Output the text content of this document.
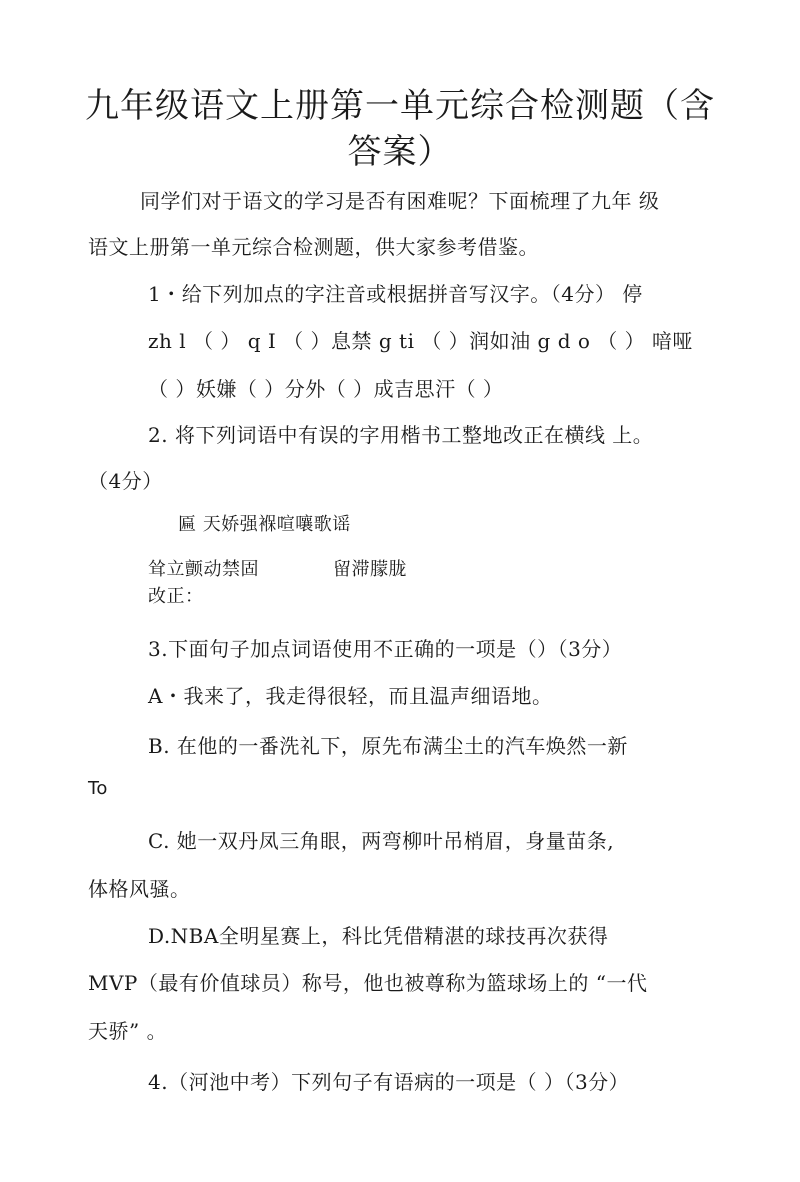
九年级语文上册第一单元综合检测题（含
答案）
同学们对于语文的学习是否有困难呢？下面梳理了九年 级
语文上册第一单元综合检测题，供大家参考借鉴。
1・给下列加点的字注音或根据拼音写汉字。（4分） 停
zh l （ ） q I （ ）息禁 g ti （ ）润如油 g d o （ ） 喑哑
（ ）妖嫌（ ）分外（ ）成吉思汗（ ）
2. 将下列词语中有误的字用楷书工整地改正在横线 上。
（4分）
匾 天娇强褓喧嚷歌谣
耸立颤动禁固	留滞朦胧
改正：
3.下面句子加点词语使用不正确的一项是（）（3分）
A・我来了，我走得很轻，而且温声细语地。
B. 在他的一番洗礼下，原先布满尘土的汽车焕然一新
To
C. 她一双丹凤三角眼，两弯柳叶吊梢眉，身量苗条,
体格风骚。
D.NBA全明星赛上，科比凭借精湛的球技再次获得
MVP（最有价值球员）称号，他也被尊称为篮球场上的 “一代
天骄” 。
4.（河池中考）下列句子有语病的一项是（ ）（3分）
